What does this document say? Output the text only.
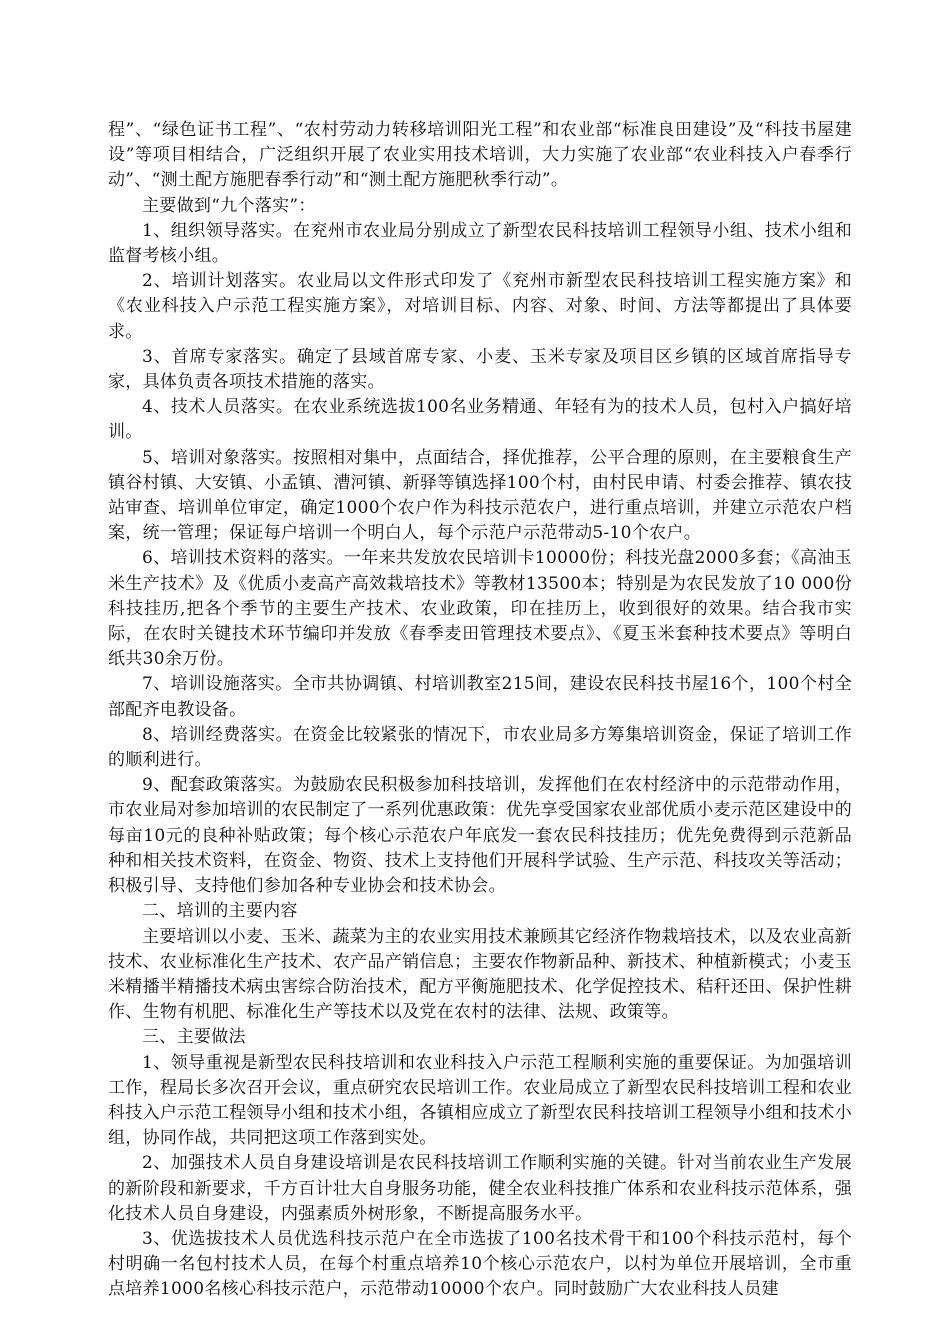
程”、“绿色证书工程”、“农村劳动力转移培训阳光工程”和农业部“标准良田建设”及“科技书屋建设”等项目相结合，广泛组织开展了农业实用技术培训，大力实施了农业部“农业科技入户春季行动”、“测土配方施肥春季行动”和“测土配方施肥秋季行动”。

主要做到“九个落实”：

1、组织领导落实。在兖州市农业局分别成立了新型农民科技培训工程领导小组、技术小组和监督考核小组。

2、培训计划落实。农业局以文件形式印发了《兖州市新型农民科技培训工程实施方案》和《农业科技入户示范工程实施方案》，对培训目标、内容、对象、时间、方法等都提出了具体要求。

3、首席专家落实。确定了县域首席专家、小麦、玉米专家及项目区乡镇的区域首席指导专家，具体负责各项技术措施的落实。

4、技术人员落实。在农业系统选拔100名业务精通、年轻有为的技术人员，包村入户搞好培训。

5、培训对象落实。按照相对集中，点面结合，择优推荐，公平合理的原则，在主要粮食生产镇谷村镇、大安镇、小孟镇、漕河镇、新驿等镇选择100个村，由村民申请、村委会推荐、镇农技站审查、培训单位审定，确定1000个农户作为科技示范农户，进行重点培训，并建立示范农户档案，统一管理；保证每户培训一个明白人，每个示范户示范带动5-10个农户。

6、培训技术资料的落实。一年来共发放农民培训卡10000份；科技光盘2000多套；《高油玉米生产技术》及《优质小麦高产高效栽培技术》等教材13500本；特别是为农民发放了10 000份科技挂历,把各个季节的主要生产技术、农业政策，印在挂历上，收到很好的效果。结合我市实际，在农时关键技术环节编印并发放《春季麦田管理技术要点》、《夏玉米套种技术要点》等明白纸共30余万份。

7、培训设施落实。全市共协调镇、村培训教室215间，建设农民科技书屋16个，100个村全部配齐电教设备。

8、培训经费落实。在资金比较紧张的情况下，市农业局多方筹集培训资金，保证了培训工作的顺利进行。

9、配套政策落实。为鼓励农民积极参加科技培训，发挥他们在农村经济中的示范带动作用，市农业局对参加培训的农民制定了一系列优惠政策：优先享受国家农业部优质小麦示范区建设中的每亩10元的良种补贴政策；每个核心示范农户年底发一套农民科技挂历；优先免费得到示范新品种和相关技术资料，在资金、物资、技术上支持他们开展科学试验、生产示范、科技攻关等活动；积极引导、支持他们参加各种专业协会和技术协会。

二、培训的主要内容

主要培训以小麦、玉米、蔬菜为主的农业实用技术兼顾其它经济作物栽培技术，以及农业高新技术、农业标准化生产技术、农产品产销信息；主要农作物新品种、新技术、种植新模式；小麦玉米精播半精播技术病虫害综合防治技术，配方平衡施肥技术、化学促控技术、秸秆还田、保护性耕作、生物有机肥、标准化生产等技术以及党在农村的法律、法规、政策等。

三、主要做法

1、领导重视是新型农民科技培训和农业科技入户示范工程顺利实施的重要保证。为加强培训工作，程局长多次召开会议，重点研究农民培训工作。农业局成立了新型农民科技培训工程和农业科技入户示范工程领导小组和技术小组，各镇相应成立了新型农民科技培训工程领导小组和技术小组，协同作战，共同把这项工作落到实处。

2、加强技术人员自身建设培训是农民科技培训工作顺利实施的关键。针对当前农业生产发展的新阶段和新要求，千方百计壮大自身服务功能，健全农业科技推广体系和农业科技示范体系，强化技术人员自身建设，内强素质外树形象，不断提高服务水平。

3、优选拔技术人员优选科技示范户在全市选拔了100名技术骨干和100个科技示范村，每个村明确一名包村技术人员，在每个村重点培养10个核心示范农户，以村为单位开展培训，全市重点培养1000名核心科技示范户，示范带动10000个农户。同时鼓励广大农业科技人员建
